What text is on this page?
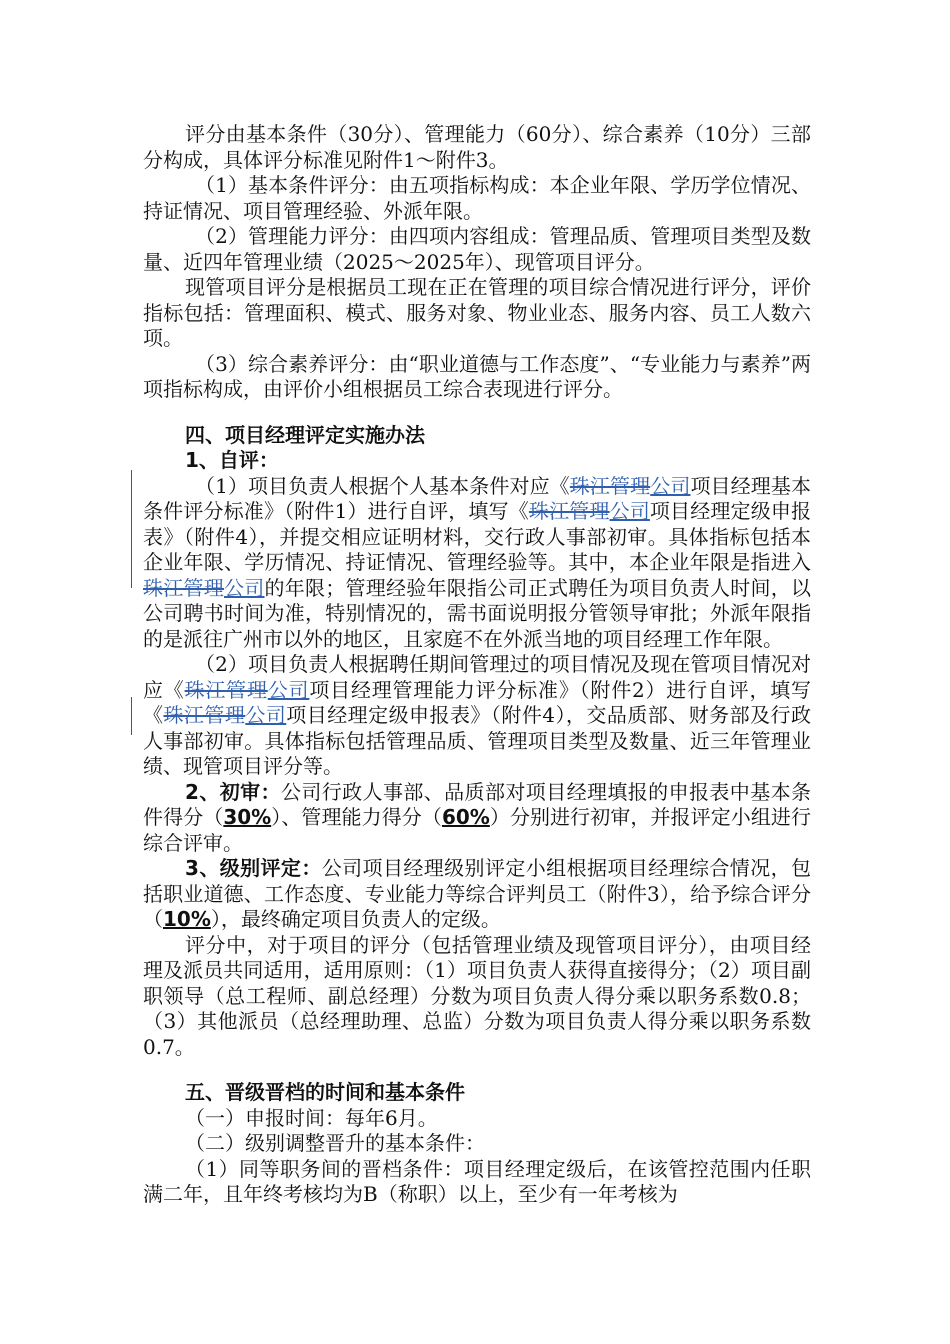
评分由基本条件（30分）、管理能力（60分）、综合素养（10分）三部分构成，具体评分标准见附件1～附件3。

（1）基本条件评分：由五项指标构成：本企业年限、学历学位情况、持证情况、项目管理经验、外派年限。

（2）管理能力评分：由四项内容组成：管理品质、管理项目类型及数量、近四年管理业绩（2025～2025年）、现管项目评分。

现管项目评分是根据员工现在正在管理的项目综合情况进行评分，评价指标包括：管理面积、模式、服务对象、物业业态、服务内容、员工人数六项。

（3）综合素养评分：由“职业道德与工作态度”、“专业能力与素养”两项指标构成，由评价小组根据员工综合表现进行评分。

四、项目经理评定实施办法
1、自评：

（1）项目负责人根据个人基本条件对应《珠江管理公司项目经理基本条件评分标准》（附件1）进行自评，填写《珠江管理公司项目经理定级申报表》（附件4），并提交相应证明材料，交行政人事部初审。具体指标包括本企业年限、学历情况、持证情况、管理经验等。其中，本企业年限是指进入珠江管理公司的年限；管理经验年限指公司正式聘任为项目负责人时间，以公司聘书时间为准，特别情况的，需书面说明报分管领导审批；外派年限指的是派往广州市以外的地区，且家庭不在外派当地的项目经理工作年限。

（2）项目负责人根据聘任期间管理过的项目情况及现在管项目情况对应《珠江管理公司项目经理管理能力评分标准》（附件2）进行自评，填写《珠江管理公司项目经理定级申报表》（附件4），交品质部、财务部及行政人事部初审。具体指标包括管理品质、管理项目类型及数量、近三年管理业绩、现管项目评分等。

2、初审：公司行政人事部、品质部对项目经理填报的申报表中基本条件得分（30%）、管理能力得分（60%）分别进行初审，并报评定小组进行综合评审。

3、级别评定：公司项目经理级别评定小组根据项目经理综合情况，包括职业道德、工作态度、专业能力等综合评判员工（附件3），给予综合评分（10%），最终确定项目负责人的定级。

评分中，对于项目的评分（包括管理业绩及现管项目评分），由项目经理及派员共同适用，适用原则：（1）项目负责人获得直接得分；（2）项目副职领导（总工程师、副总经理）分数为项目负责人得分乘以职务系数0.8；（3）其他派员（总经理助理、总监）分数为项目负责人得分乘以职务系数0.7。

五、晋级晋档的时间和基本条件

（一）申报时间：每年6月。

（二）级别调整晋升的基本条件：

（1）同等职务间的晋档条件：项目经理定级后，在该管控范围内任职满二年，且年终考核均为B（称职）以上，至少有一年考核为
